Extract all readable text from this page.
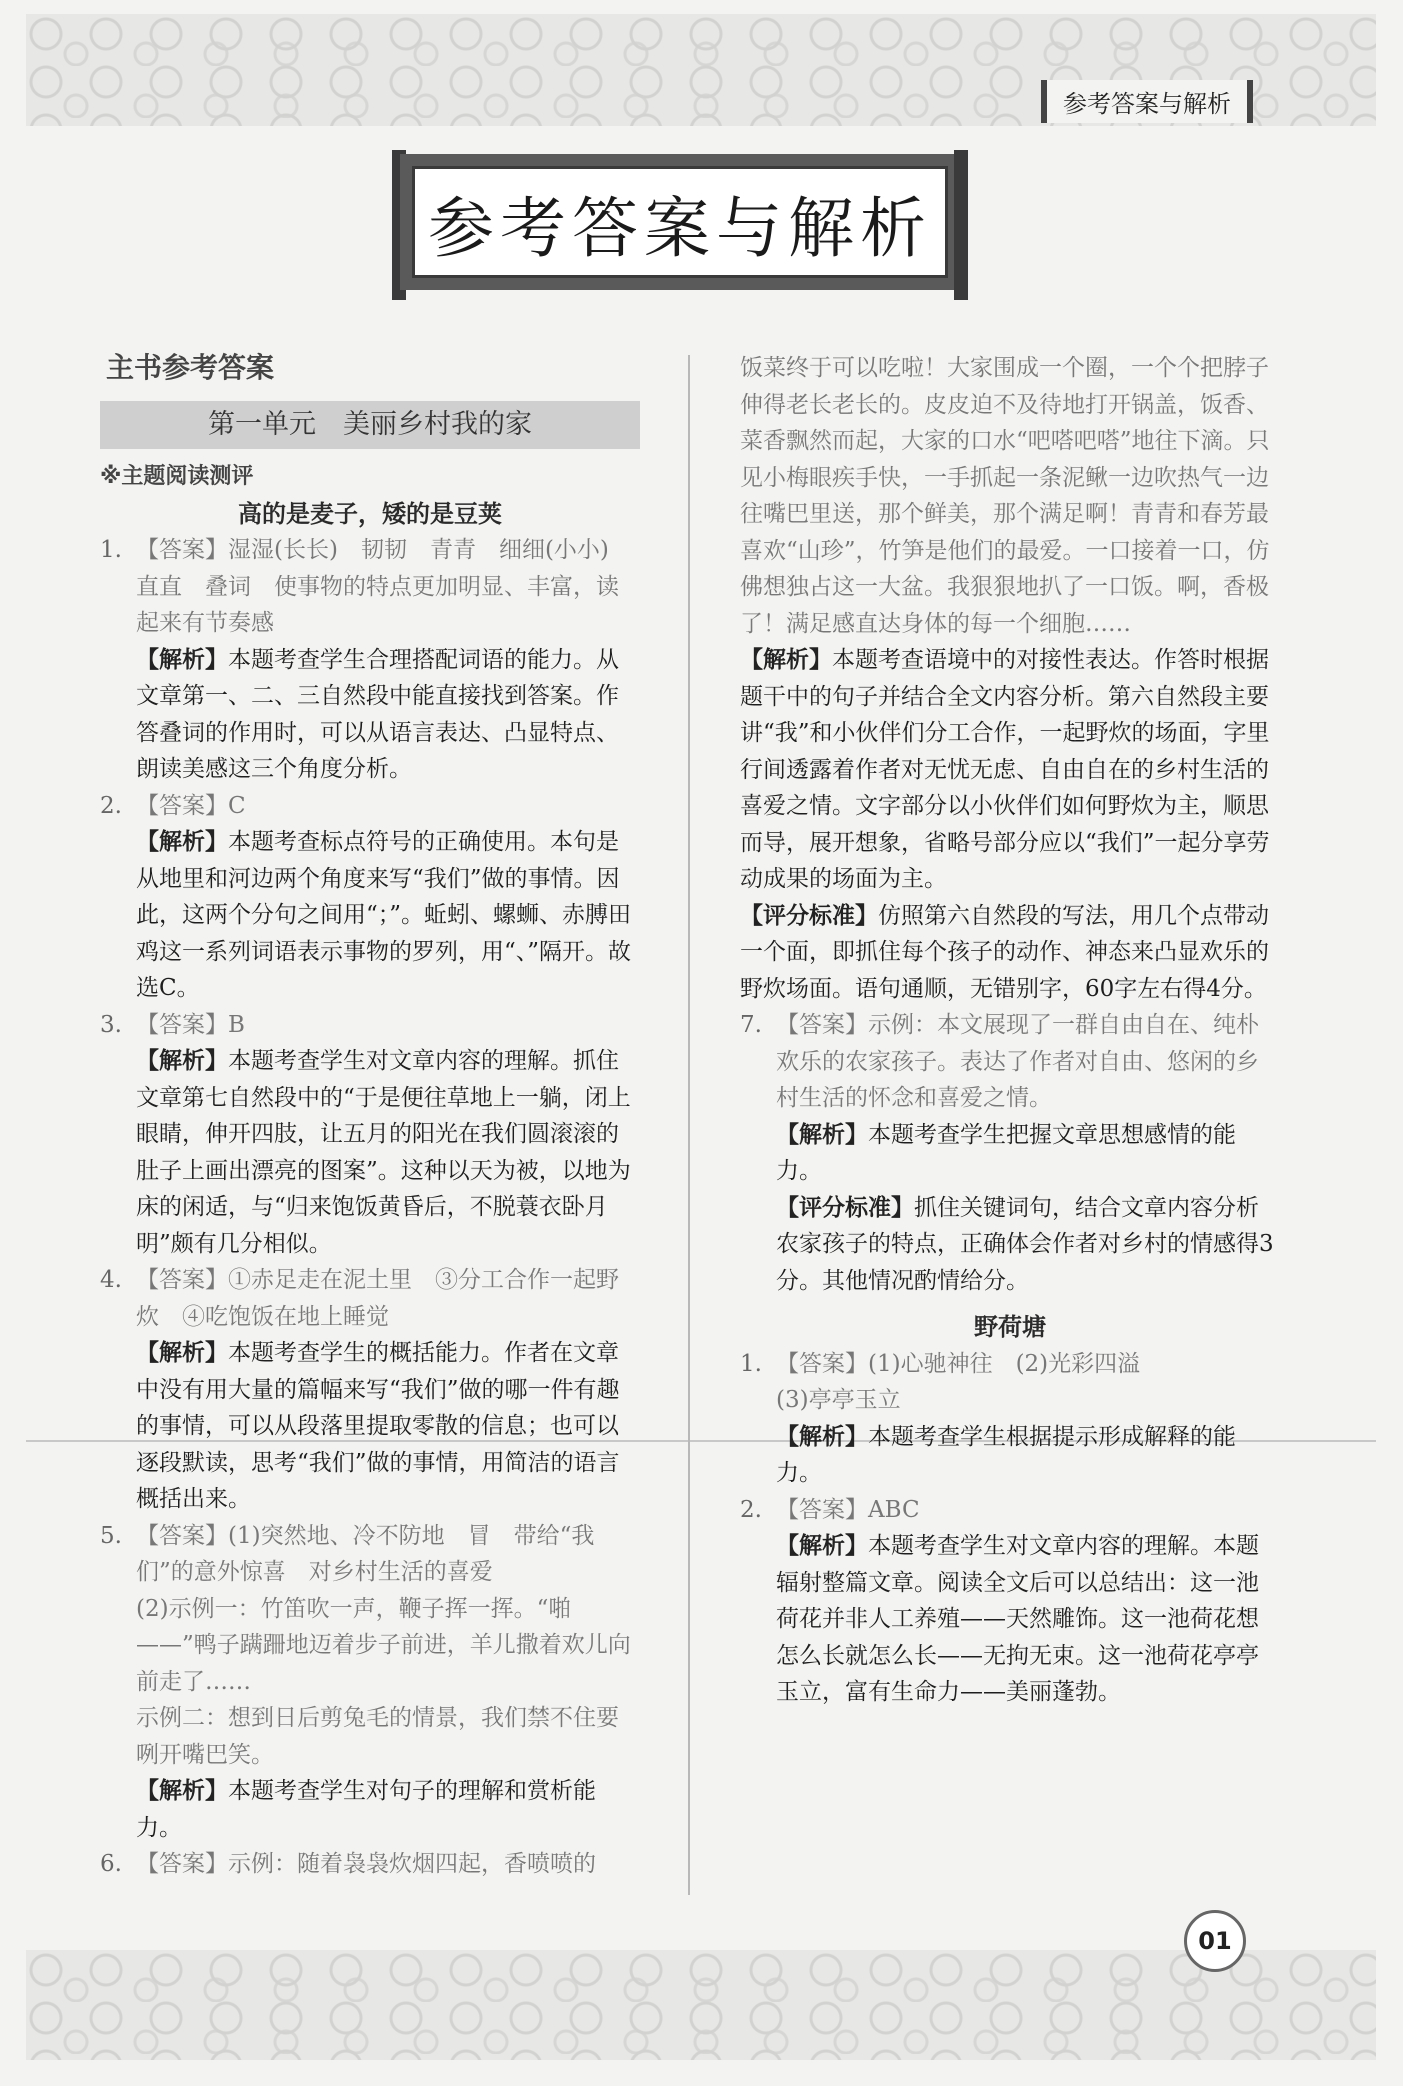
参考答案与解析
参考答案与解析
主书参考答案
第一单元　美丽乡村我的家
※主题阅读测评
高的是麦子，矮的是豆荚
1. 【答案】湿湿(长长)　韧韧　青青　细细(小小)　直直　叠词　使事物的特点更加明显、丰富，读起来有节奏感
【解析】本题考查学生合理搭配词语的能力。从文章第一、二、三自然段中能直接找到答案。作答叠词的作用时，可以从语言表达、凸显特点、朗读美感这三个角度分析。
2. 【答案】C
【解析】本题考查标点符号的正确使用。本句是从地里和河边两个角度来写“我们”做的事情。因此，这两个分句之间用“；”。蚯蚓、螺蛳、赤膊田鸡这一系列词语表示事物的罗列，用“、”隔开。故选C。
3. 【答案】B
【解析】本题考查学生对文章内容的理解。抓住文章第七自然段中的“于是便往草地上一躺，闭上眼睛，伸开四肢，让五月的阳光在我们圆滚滚的肚子上画出漂亮的图案”。这种以天为被，以地为床的闲适，与“归来饱饭黄昏后，不脱蓑衣卧月明”颇有几分相似。
4. 【答案】①赤足走在泥土里　③分工合作一起野炊　④吃饱饭在地上睡觉
【解析】本题考查学生的概括能力。作者在文章中没有用大量的篇幅来写“我们”做的哪一件有趣的事情，可以从段落里提取零散的信息；也可以逐段默读，思考“我们”做的事情，用简洁的语言概括出来。
5. 【答案】(1)突然地、冷不防地　冒　带给“我们”的意外惊喜　对乡村生活的喜爱
(2)示例一：竹笛吹一声，鞭子挥一挥。“啪——”鸭子蹒跚地迈着步子前进，羊儿撒着欢儿向前走了……
示例二：想到日后剪兔毛的情景，我们禁不住要咧开嘴巴笑。
【解析】本题考查学生对句子的理解和赏析能力。
6. 【答案】示例：随着袅袅炊烟四起，香喷喷的
饭菜终于可以吃啦！大家围成一个圈，一个个把脖子伸得老长老长的。皮皮迫不及待地打开锅盖，饭香、菜香飘然而起，大家的口水“吧嗒吧嗒”地往下滴。只见小梅眼疾手快，一手抓起一条泥鳅一边吹热气一边往嘴巴里送，那个鲜美，那个满足啊！青青和春芳最喜欢“山珍”，竹笋是他们的最爱。一口接着一口，仿佛想独占这一大盆。我狠狠地扒了一口饭。啊，香极了！满足感直达身体的每一个细胞……
【解析】本题考查语境中的对接性表达。作答时根据题干中的句子并结合全文内容分析。第六自然段主要讲“我”和小伙伴们分工合作，一起野炊的场面，字里行间透露着作者对无忧无虑、自由自在的乡村生活的喜爱之情。文字部分以小伙伴们如何野炊为主，顺思而导，展开想象，省略号部分应以“我们”一起分享劳动成果的场面为主。
【评分标准】仿照第六自然段的写法，用几个点带动一个面，即抓住每个孩子的动作、神态来凸显欢乐的野炊场面。语句通顺，无错别字，60字左右得4分。
7. 【答案】示例：本文展现了一群自由自在、纯朴欢乐的农家孩子。表达了作者对自由、悠闲的乡村生活的怀念和喜爱之情。
【解析】本题考查学生把握文章思想感情的能力。
【评分标准】抓住关键词句，结合文章内容分析农家孩子的特点，正确体会作者对乡村的情感得3分。其他情况酌情给分。
野荷塘
1. 【答案】(1)心驰神往　(2)光彩四溢
(3)亭亭玉立
【解析】本题考查学生根据提示形成解释的能力。
2. 【答案】ABC
【解析】本题考查学生对文章内容的理解。本题辐射整篇文章。阅读全文后可以总结出：这一池荷花并非人工养殖——天然雕饰。这一池荷花想怎么长就怎么长——无拘无束。这一池荷花亭亭玉立，富有生命力——美丽蓬勃。
01
